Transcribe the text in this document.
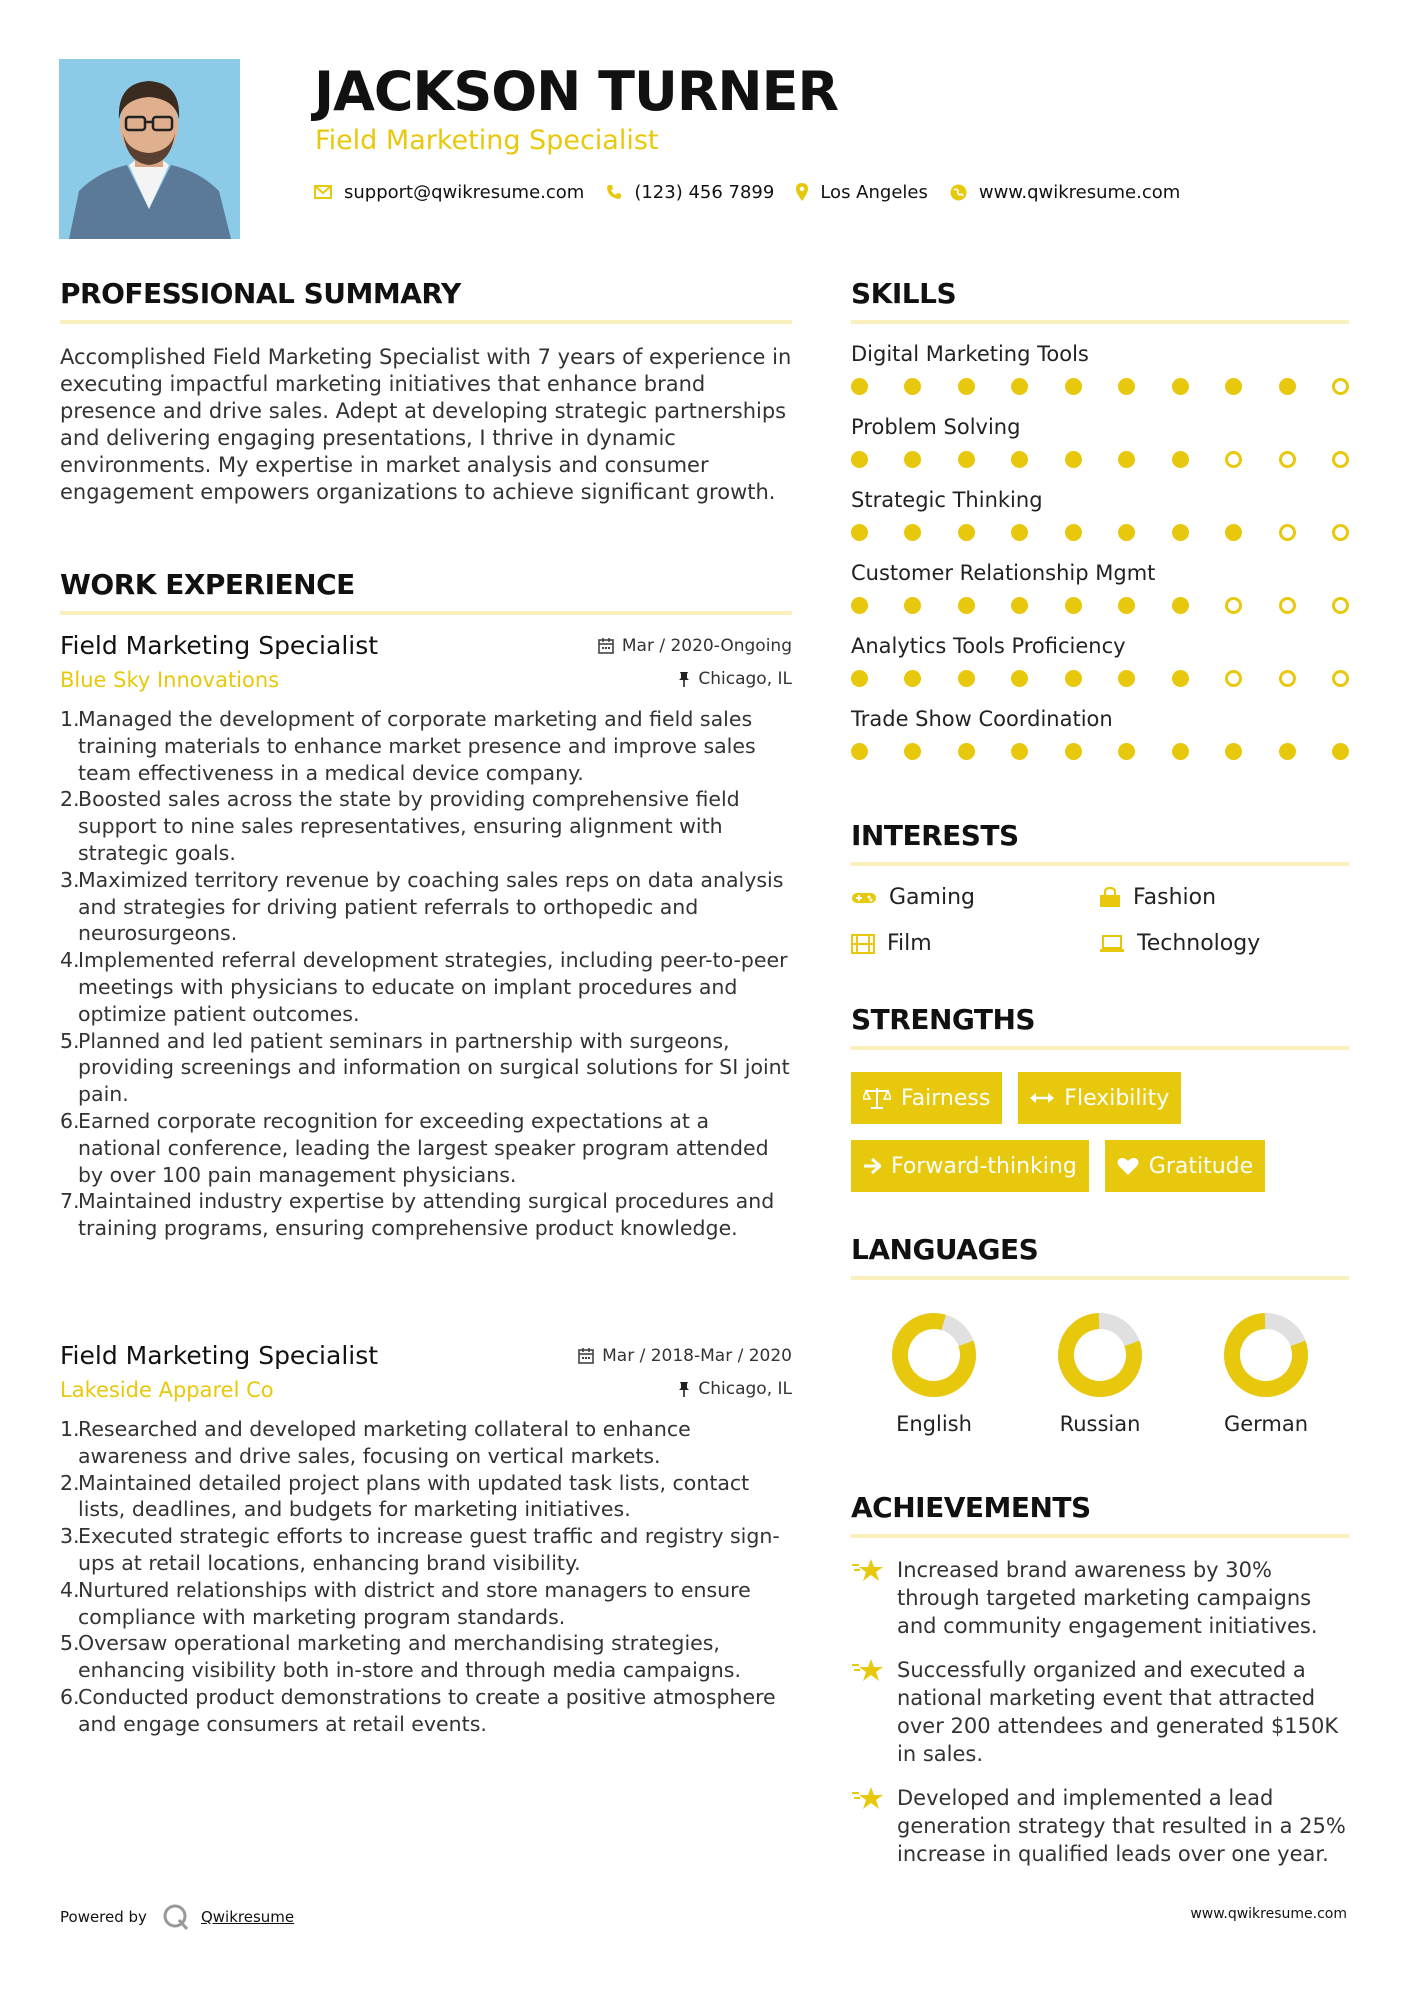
JACKSON TURNER
Field Marketing Specialist
support@qwikresume.com	(123) 456 7899	Los Angeles	www.qwikresume.com
PROFESSIONAL SUMMARY

Accomplished Field Marketing Specialist with 7 years of experience in executing impactful marketing initiatives that enhance brand presence and drive sales. Adept at developing strategic partnerships and delivering engaging presentations, I thrive in dynamic environments. My expertise in market analysis and consumer engagement empowers organizations to achieve significant growth.

WORK EXPERIENCE
Field Marketing Specialist	Mar / 2020-Ongoing
Blue Sky Innovations	Chicago, IL
1.
Managed the development of corporate marketing and field sales training materials to enhance market presence and improve sales team effectiveness in a medical device company.
2.
Boosted sales across the state by providing comprehensive field support to nine sales representatives, ensuring alignment with strategic goals.
3.
Maximized territory revenue by coaching sales reps on data analysis and strategies for driving patient referrals to orthopedic and neurosurgeons.
4.
Implemented referral development strategies, including peer-to-peer meetings with physicians to educate on implant procedures and optimize patient outcomes.
5.
Planned and led patient seminars in partnership with surgeons, providing screenings and information on surgical solutions for SI joint pain.
6.
Earned corporate recognition for exceeding expectations at a national conference, leading the largest speaker program attended by over 100 pain management physicians.
7.
Maintained industry expertise by attending surgical procedures and training programs, ensuring comprehensive product knowledge.
Field Marketing Specialist	Mar / 2018-Mar / 2020
Lakeside Apparel Co	Chicago, IL
1.
Researched and developed marketing collateral to enhance awareness and drive sales, focusing on vertical markets.
2.
Maintained detailed project plans with updated task lists, contact lists, deadlines, and budgets for marketing initiatives.
3.
Executed strategic efforts to increase guest traffic and registry sign-ups at retail locations, enhancing brand visibility.
4.
Nurtured relationships with district and store managers to ensure compliance with marketing program standards.
5.
Oversaw operational marketing and merchandising strategies, enhancing visibility both in-store and through media campaigns.
6.
Conducted product demonstrations to create a positive atmosphere and engage consumers at retail events.
SKILLS
Digital Marketing Tools
Problem Solving
Strategic Thinking
Customer Relationship Mgmt
Analytics Tools Proficiency
Trade Show Coordination
INTERESTS
Gaming	Fashion
Film	Technology
STRENGTHS
Fairness	Flexibility
Forward-thinking	Gratitude
LANGUAGES
English	Russian	German
ACHIEVEMENTS
Increased brand awareness by 30% through targeted marketing campaigns and community engagement initiatives.
Successfully organized and executed a national marketing event that attracted over 200 attendees and generated $150K in sales.
Developed and implemented a lead generation strategy that resulted in a 25% increase in qualified leads over one year.
Powered by	Qwikresume	www.qwikresume.com
